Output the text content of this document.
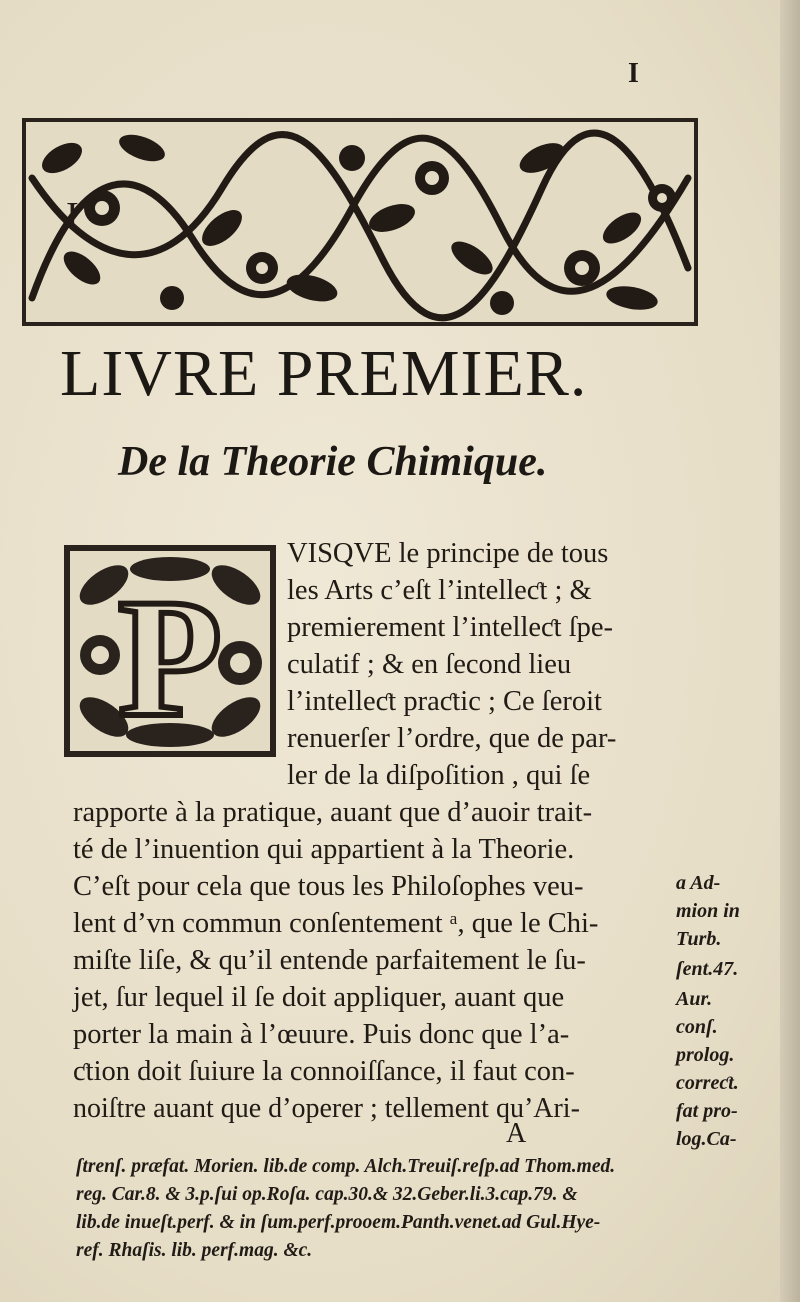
I
I
LIVRE PREMIER.
De la Theorie Chimique.
P
VISQVE le principe de tous
les Arts c’eſt l’intelleƈt ; &
premierement l’intelleƈt ſpe-
culatif ; & en ſecond lieu
l’intelleƈt praƈtic ; Ce ſeroit
renuerſer l’ordre, que de par-
ler de la diſpoſition , qui ſe
rapporte à la pratique, auant que d’auoir trait-
té de l’inuention qui appartient à la Theorie.
C’eſt pour cela que tous les Philoſophes veu-
lent d’vn commun conſentement ᵃ, que le Chi-
miſte liſe, & qu’il entende parfaitement le ſu-
jet, ſur lequel il ſe doit appliquer, auant que
porter la main à l’œuure. Puis donc que l’a-
ƈtion doit ſuiure la connoiſſance, il faut con-
noiſtre auant que d’operer ; tellement qu’Ari-
A
a Ad-
mion in
Turb.
ſent.47.
Aur.
conſ.
prolog.
correƈt.
fat pro-
log.Ca-
ſtrenſ. præfat. Morien. lib.de comp. Alch.Treuiſ.reſp.ad Thom.med.
reg. Car.8. & 3.p.ſui op.Roſa. cap.30.& 32.Geber.li.3.cap.79. &
lib.de inueſt.perf. & in ſum.perf.prooem.Panth.venet.ad Gul.Hye-
ref. Rhaſis. lib. perf.mag. &c.
